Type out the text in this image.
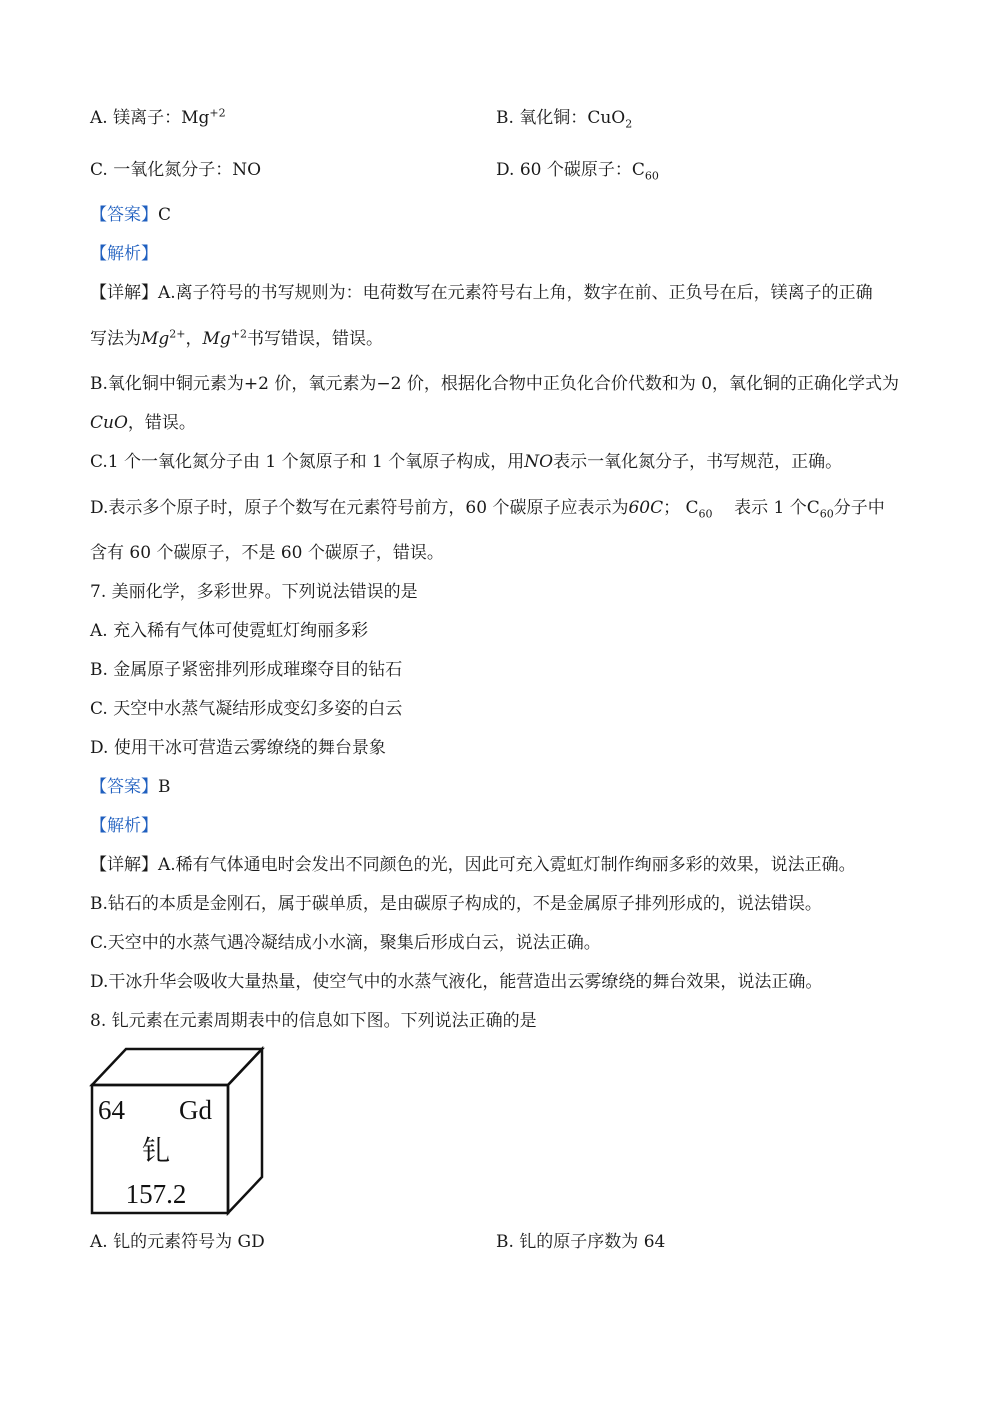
A. 镁离子：$Mg^{+2}$	B. 氧化铜：CuO$_2$
C. 一氧化氮分子：NO	D. 60 个碳原子：$C_{60}$
【答案】C
【解析】
【详解】A.离子符号的书写规则为：电荷数写在元素符号右上角，数字在前、正负号在后，镁离子的正确
写法为$Mg^{2+}$，$Mg^{+2}$书写错误，错误。
B.氧化铜中铜元素为+2 价，氧元素为−2 价，根据化合物中正负化合价代数和为 0，氧化铜的正确化学式为
CuO，错误。
C.1 个一氧化氮分子由 1 个氮原子和 1 个氧原子构成，用NO表示一氧化氮分子，书写规范，正确。
D.表示多个原子时，原子个数写在元素符号前方，60 个碳原子应表示为60C； $C_{60}$ 表示 1 个$C_{60}$分子中
含有 60 个碳原子，不是 60 个碳原子，错误。
7. 美丽化学，多彩世界。下列说法错误的是
A. 充入稀有气体可使霓虹灯绚丽多彩
B. 金属原子紧密排列形成璀璨夺目的钻石
C. 天空中水蒸气凝结形成变幻多姿的白云
D. 使用干冰可营造云雾缭绕的舞台景象
【答案】B
【解析】
【详解】A.稀有气体通电时会发出不同颜色的光，因此可充入霓虹灯制作绚丽多彩的效果，说法正确。
B.钻石的本质是金刚石，属于碳单质，是由碳原子构成的，不是金属原子排列形成的，说法错误。
C.天空中的水蒸气遇冷凝结成小水滴，聚集后形成白云，说法正确。
D.干冰升华会吸收大量热量，使空气中的水蒸气液化，能营造出云雾缭绕的舞台效果，说法正确。
8. 钆元素在元素周期表中的信息如下图。下列说法正确的是
64 Gd
钆
157.2
A. 钆的元素符号为 GD	B. 钆的原子序数为 64
